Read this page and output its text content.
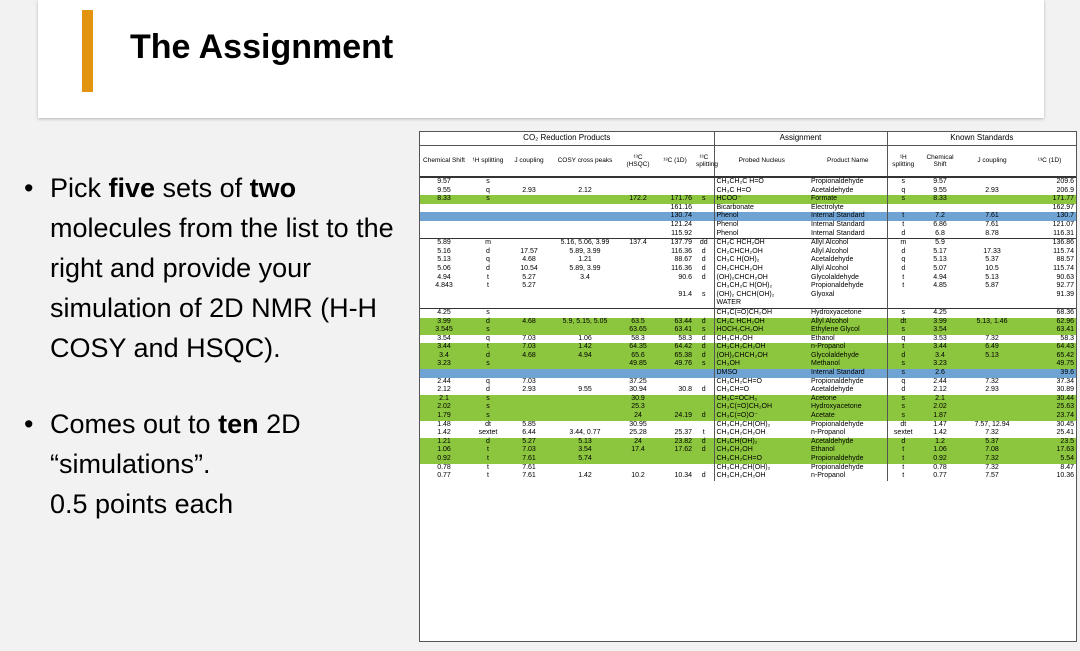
The Assignment
• Pick five sets of two molecules from the list to the right and provide your simulation of 2D NMR (H-H COSY and HSQC).
• Comes out to ten 2D “simulations”.
0.5 points each
CO₂ Reduction Products							Assignment		Known Standards			
Chemical Shift	¹H splitting	J coupling	COSY cross peaks	¹³C (HSQC)	¹³C (1D)	¹³C splitting	Probed Nucleus	Product Name	¹H splitting	Chemical Shift	J coupling	¹³C (1D)
9.57	s						CH₃CH₂C H=O	Propionaldehyde	s	9.57		209.6
9.55	q	2.93	2.12				CH₃C H=O	Acetaldehyde	q	9.55	2.93	206.9
8.33	s			172.2	171.76	s	HCOO⁻	Formate	s	8.33		171.77
					161.16		Bicarbonate	Electrolyte				162.97
					130.74		Phenol	Internal Standard	t	7.2	7.61	130.7
					121.24		Phenol	Internal Standard	t	6.86	7.61	121.07
					115.92		Phenol	Internal Standard	d	6.8	8.78	116.31
5.89	m		5.16, 5.06, 3.99	137.4	137.79	dd	CH₂C HCH₂OH	Allyl Alcohol	m	5.9		136.86
5.16	d	17.57	5.89, 3.99		116.36	d	CH₂CHCH₂OH	Allyl Alcohol	d	5.17	17.33	115.74
5.13	q	4.68	1.21		88.67	d	CH₃C H(OH)₂	Acetaldehyde	q	5.13	5.37	88.57
5.06	d	10.54	5.89, 3.99		116.36	d	CH₂CHCH₂OH	Allyl Alcohol	d	5.07	10.5	115.74
4.94	t	5.27	3.4		90.6	d	(OH)₂CHCH₂OH	Glycolaldehyde	t	4.94	5.13	90.63
4.843	t	5.27					CH₃CH₂C H(OH)₂	Propionaldehyde	t	4.85	5.87	92.77
					91.4	s	(OH)₂ CHCH(OH)₂	Glyoxal				91.39
							WATER					
4.25	s						CH₃C(=O)CH₂OH	Hydroxyacetone	s	4.25		68.36
3.99	d	4.68	5.9, 5.15, 5.05	63.5	63.44	d	CH₂C HCH₂OH	Allyl Alcohol	dt	3.99	5.13, 1.46	62.96
3.545	s			63.65	63.41	s	HOCH₂CH₂OH	Ethylene Glycol	s	3.54		63.41
3.54	q	7.03	1.06	58.3	58.3	d	CH₃CH₂OH	Ethanol	q	3.53	7.32	58.3
3.44	t	7.03	1.42	64.35	64.42	d	CH₃CH₂CH₂OH	n-Propanol	t	3.44	6.49	64.43
3.4	d	4.68	4.94	65.6	65.38	d	(OH)₂CHCH₂OH	Glycolaldehyde	d	3.4	5.13	65.42
3.23	s			49.85	49.76	s	CH₃OH	Methanol	s	3.23		49.75
							DMSO	Internal Standard	s	2.6		39.6
2.44	q	7.03		37.25			CH₃CH₂CH=O	Propionaldehyde	q	2.44	7.32	37.34
2.12	d	2.93	9.55	30.94	30.8	d	CH₃CH=O	Acetaldehyde	d	2.12	2.93	30.89
2.1	s			30.9			CH₃C=OCH₃	Acetone	s	2.1		30.44
2.02	s			25.3			CH₃C(=O)CH₂OH	Hydroxyacetone	s	2.02		25.63
1.79	s			24	24.19	d	CH₃C(=O)O⁻	Acetate	s	1.87		23.74
1.48	dt	5.85		30.95			CH₃CH₂CH(OH)₂	Propionaldehyde	dt	1.47	7.57, 12.94	30.45
1.42	sextet	6.44	3.44, 0.77	25.28	25.37	t	CH₃CH₂CH₂OH	n-Propanol	sextet	1.42	7.32	25.41
1.21	d	5.27	5.13	24	23.82	d	CH₃CH(OH)₂	Acetaldehyde	d	1.2	5.37	23.5
1.06	t	7.03	3.54	17.4	17.62	d	CH₃CH₂OH	Ethanol	t	1.06	7.08	17.63
0.92	t	7.61	5.74				CH₃CH₂CH=O	Propionaldehyde	t	0.92	7.32	5.54
0.78	t	7.61					CH₃CH₂CH(OH)₂	Propionaldehyde	t	0.78	7.32	8.47
0.77	t	7.61	1.42	10.2	10.34	d	CH₃CH₂CH₂OH	n-Propanol	t	0.77	7.57	10.36
